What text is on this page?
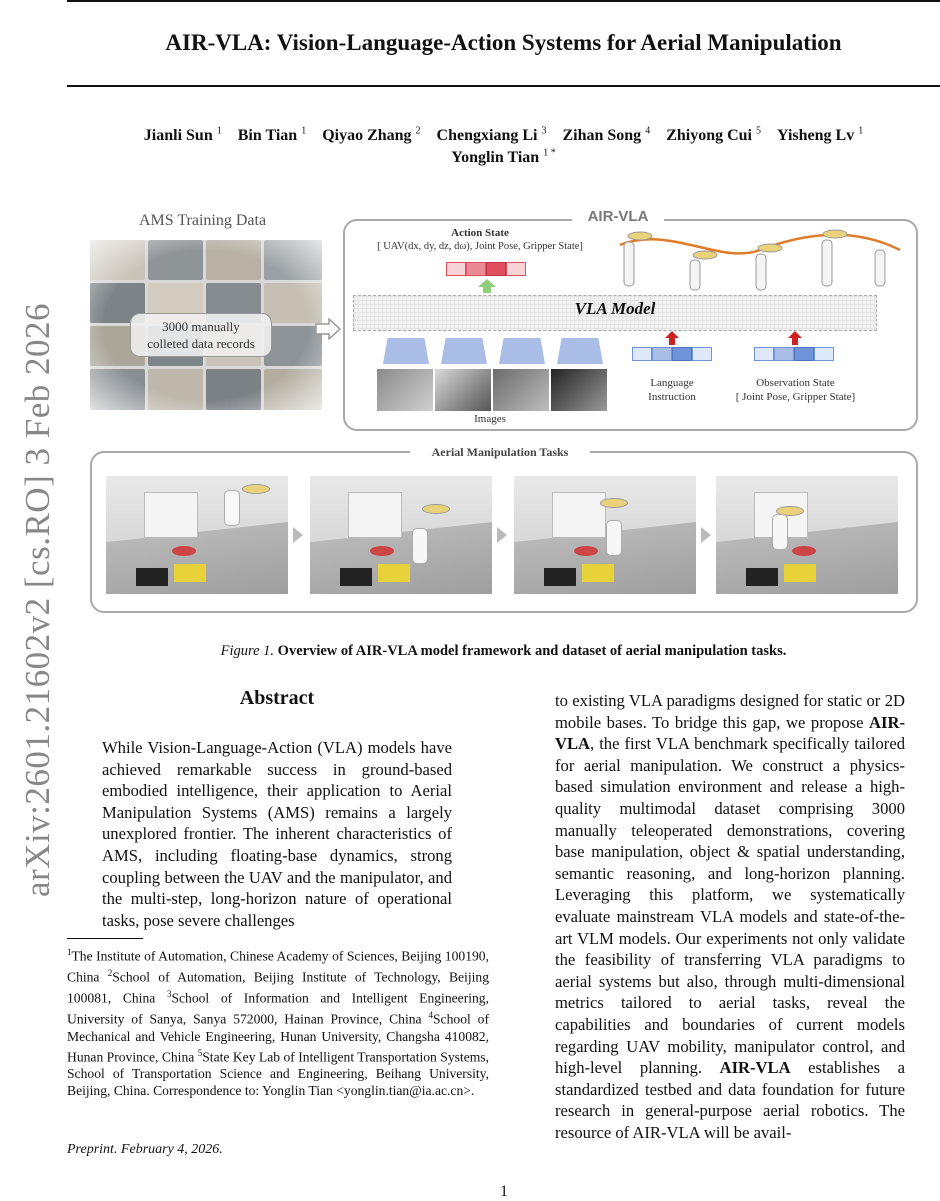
AIR-VLA: Vision-Language-Action Systems for Aerial Manipulation
Jianli Sun $^1$ Bin Tian $^1$ Qiyao Zhang $^2$ Chengxiang Li $^3$ Zihan Song $^4$ Zhiyong Cui $^5$ Yisheng Lv $^1$
Yonglin Tian $^{1 *}$
arXiv:2601.21602v2 [cs.RO] 3 Feb 2026
AMS Training Data
3000 manually
colleted data records
AIR-VLA
Action State
[ UAV(dx, dy, dz, dω), Joint Pose, Gripper State]
VLA Model
Images
Language
Instruction
Observation State
[ Joint Pose, Gripper State]
Aerial Manipulation Tasks
Figure 1. Overview of AIR-VLA model framework and dataset of aerial manipulation tasks.
Abstract

While Vision-Language-Action (VLA) models have achieved remarkable success in ground-based embodied intelligence, their application to Aerial Manipulation Systems (AMS) remains a largely unexplored frontier. The inherent characteristics of AMS, including floating-base dynamics, strong coupling between the UAV and the manipulator, and the multi-step, long-horizon nature of operational tasks, pose severe challenges

to existing VLA paradigms designed for static or 2D mobile bases. To bridge this gap, we propose AIR-VLA, the first VLA benchmark specifically tailored for aerial manipulation. We construct a physics-based simulation environment and release a high-quality multimodal dataset comprising 3000 manually teleoperated demonstrations, covering base manipulation, object & spatial understanding, semantic reasoning, and long-horizon planning. Leveraging this platform, we systematically evaluate mainstream VLA models and state-of-the-art VLM models. Our experiments not only validate the feasibility of transferring VLA paradigms to aerial systems but also, through multi-dimensional metrics tailored to aerial tasks, reveal the capabilities and boundaries of current models regarding UAV mobility, manipulator control, and high-level planning. AIR-VLA establishes a standardized testbed and data foundation for future research in general-purpose aerial robotics. The resource of AIR-VLA will be avail-

$^1$The Institute of Automation, Chinese Academy of Sciences, Beijing 100190, China $^2$School of Automation, Beijing Institute of Technology, Beijing 100081, China $^3$School of Information and Intelligent Engineering, University of Sanya, Sanya 572000, Hainan Province, China $^4$School of Mechanical and Vehicle Engineering, Hunan University, Changsha 410082, Hunan Province, China $^5$State Key Lab of Intelligent Transportation Systems, School of Transportation Science and Engineering, Beihang University, Beijing, China. Correspondence to: Yonglin Tian <yonglin.tian@ia.ac.cn>.
Preprint. February 4, 2026.
1
